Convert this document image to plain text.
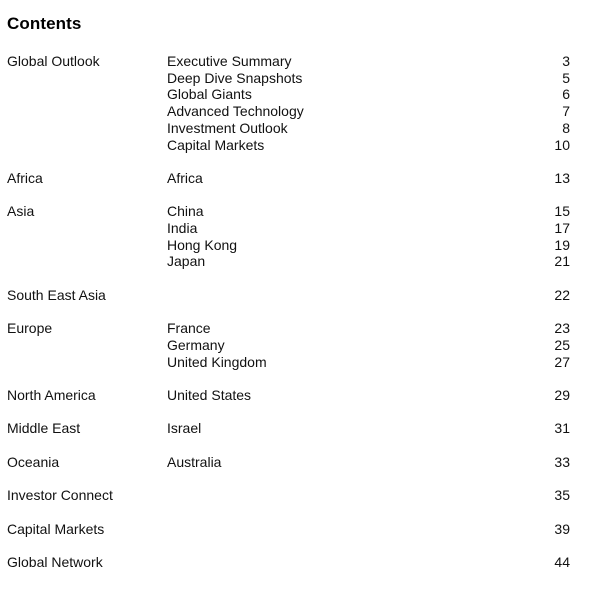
Contents
Global Outlook	Executive Summary	3
Deep Dive Snapshots	5
Global Giants	6
Advanced Technology	7
Investment Outlook	8
Capital Markets	10
Africa	Africa	13
Asia	China	15
India	17
Hong Kong	19
Japan	21
South East Asia	22
Europe	France	23
Germany	25
United Kingdom	27
North America	United States	29
Middle East	Israel	31
Oceania	Australia	33
Investor Connect	35
Capital Markets	39
Global Network	44
